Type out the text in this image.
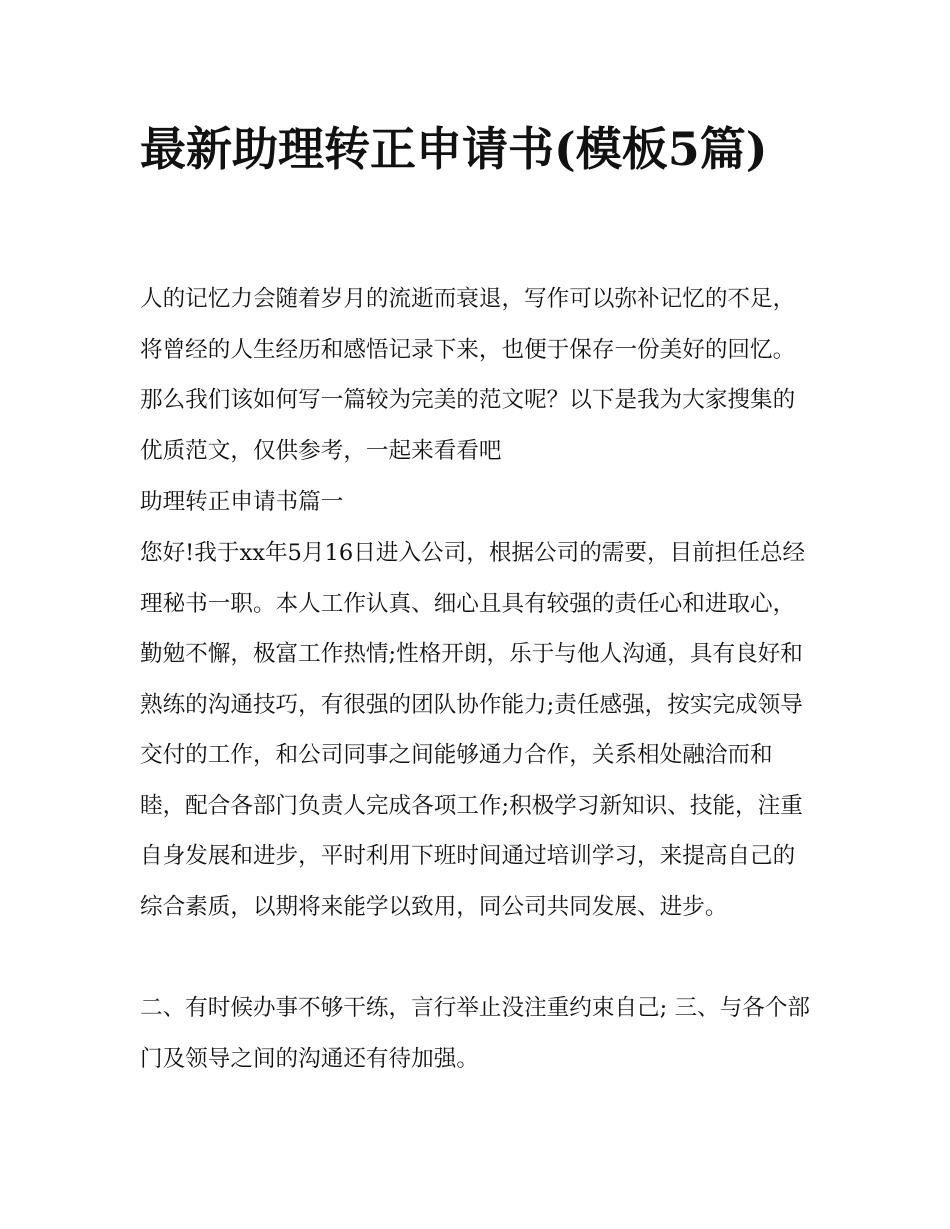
最新助理转正申请书(模板5篇)

人的记忆力会随着岁月的流逝而衰退，写作可以弥补记忆的不足，将曾经的人生经历和感悟记录下来，也便于保存一份美好的回忆。那么我们该如何写一篇较为完美的范文呢？以下是我为大家搜集的优质范文，仅供参考，一起来看看吧

助理转正申请书篇一

您好!我于xx年5月16日进入公司，根据公司的需要，目前担任总经理秘书一职。本人工作认真、细心且具有较强的责任心和进取心，勤勉不懈，极富工作热情;性格开朗，乐于与他人沟通，具有良好和熟练的沟通技巧，有很强的团队协作能力;责任感强，按实完成领导交付的工作，和公司同事之间能够通力合作，关系相处融洽而和睦，配合各部门负责人完成各项工作;积极学习新知识、技能，注重自身发展和进步，平时利用下班时间通过培训学习，来提高自己的综合素质，以期将来能学以致用，同公司共同发展、进步。

二、有时候办事不够干练，言行举止没注重约束自己; 三、与各个部门及领导之间的沟通还有待加强。
